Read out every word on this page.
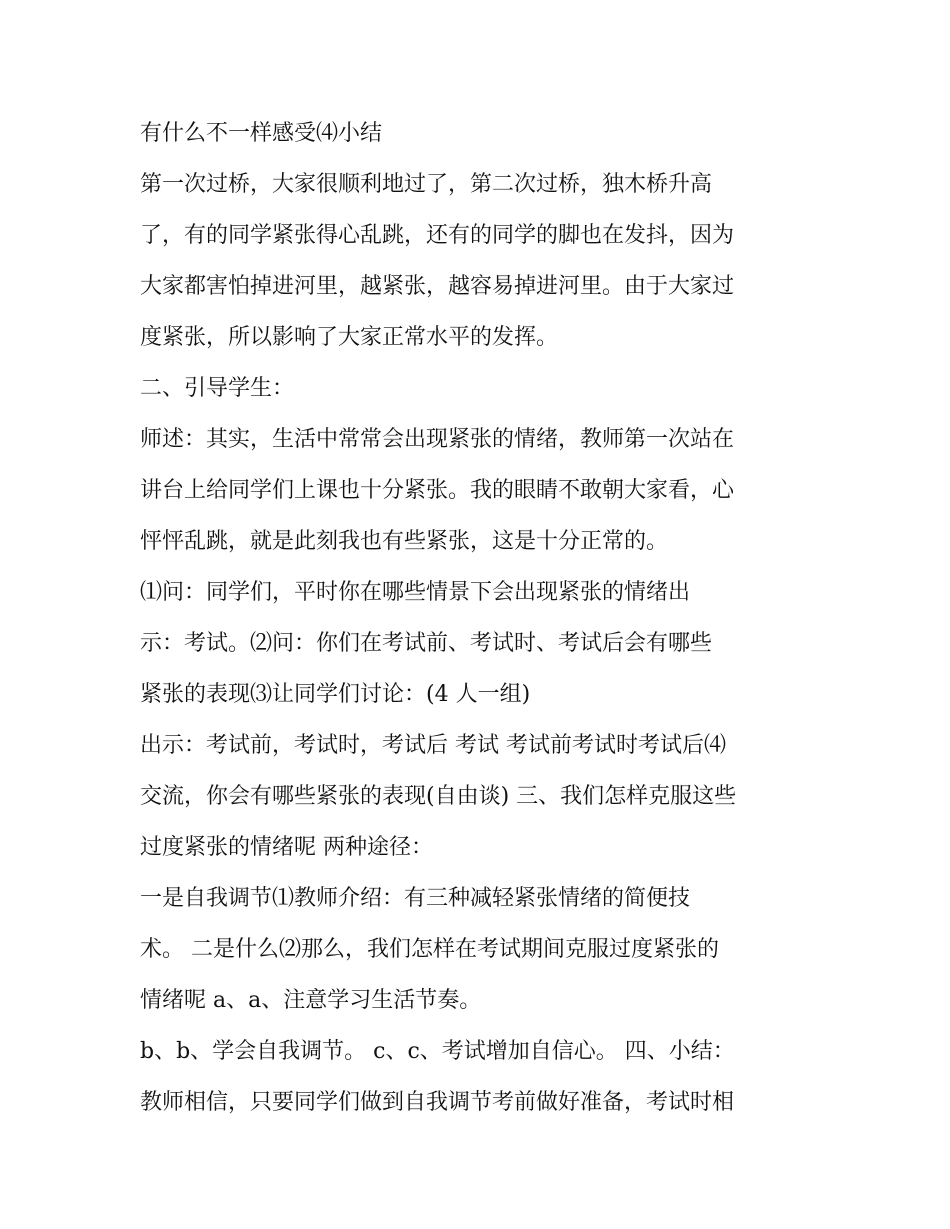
有什么不一样感受⑷小结
第一次过桥，大家很顺利地过了，第二次过桥，独木桥升高
了，有的同学紧张得心乱跳，还有的同学的脚也在发抖，因为
大家都害怕掉进河里，越紧张，越容易掉进河里。由于大家过
度紧张，所以影响了大家正常水平的发挥。
二、引导学生：
师述：其实，生活中常常会出现紧张的情绪，教师第一次站在
讲台上给同学们上课也十分紧张。我的眼睛不敢朝大家看，心
怦怦乱跳，就是此刻我也有些紧张，这是十分正常的。
⑴问：同学们，平时你在哪些情景下会出现紧张的情绪出
示：考试。⑵问：你们在考试前、考试时、考试后会有哪些
紧张的表现⑶让同学们讨论：(4 人一组)
出示：考试前，考试时，考试后 考试 考试前考试时考试后⑷
交流，你会有哪些紧张的表现(自由谈) 三、我们怎样克服这些
过度紧张的情绪呢 两种途径：
一是自我调节⑴教师介绍：有三种减轻紧张情绪的简便技
术。 二是什么⑵那么，我们怎样在考试期间克服过度紧张的
情绪呢 a、a、注意学习生活节奏。
b、b、学会自我调节。 c、c、考试增加自信心。 四、小结：
教师相信，只要同学们做到自我调节考前做好准备，考试时相
